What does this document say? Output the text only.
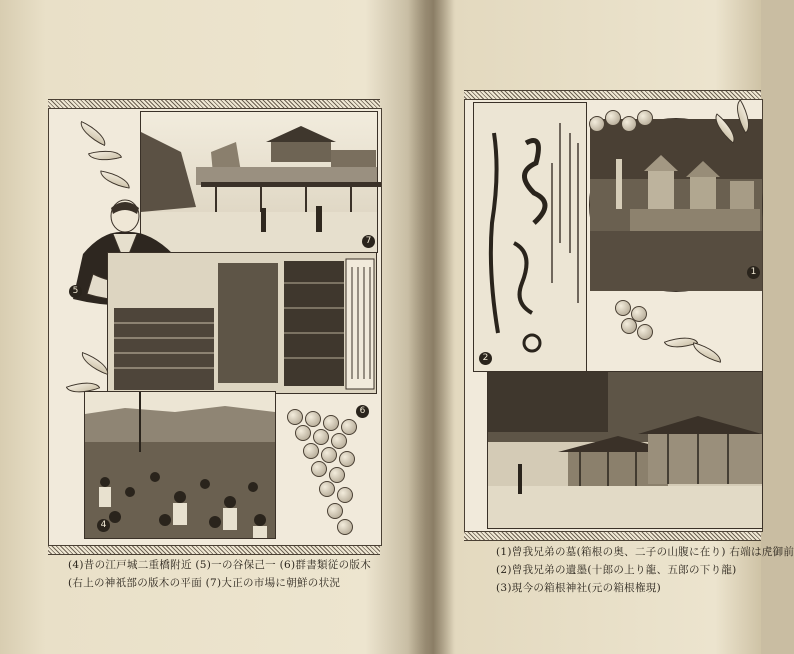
7
5
6
4
(4)昔の江戸城二重橋附近 (5)一の谷保己一 (6)群書類従の版木
(右上の神祇部の版木の平面 (7)大正の市場に朝鮮の状況
2
1
(1)曾我兄弟の墓(箱根の奥、二子の山腹に在り) 右端は虎御前
(2)曾我兄弟の遺墨(十郎の上り龍、五郎の下り龍)
(3)現今の箱根神社(元の箱根権現)
